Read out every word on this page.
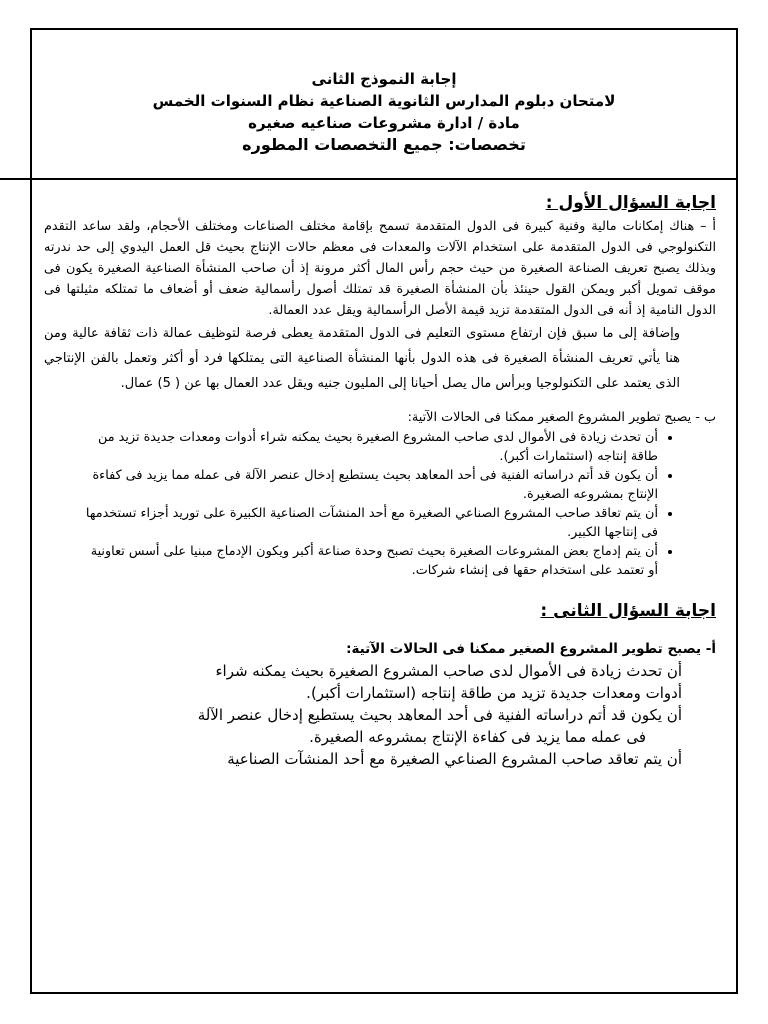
إجابة النموذج الثانى
لامتحان دبلوم المدارس الثانوية الصناعية نظام السنوات الخمس
مادة / ادارة مشروعات صناعيه صغيره
تخصصات: جميع التخصصات المطوره
اجابة السؤال الأول :
أ – هناك إمكانات مالية وفنية كبيرة فى الدول المتقدمة تسمح بإقامة مختلف الصناعات ومختلف الأحجام، ولقد ساعد التقدم التكنولوجي فى الدول المتقدمة على استخدام الآلات والمعدات فى معظم حالات الإنتاج بحيث قل العمل اليدوي إلى حد ندرته وبذلك يصبح تعريف الصناعة الصغيرة من حيث حجم رأس المال أكثر مرونة إذ أن صاحب المنشأة الصناعية الصغيرة يكون فى موقف تمويل أكبر ويمكن القول حينئذ بأن المنشأة الصغيرة قد تمتلك أصول رأسمالية ضعف أو أضعاف ما تمتلكه مثيلتها فى الدول النامية إذ أنه فى الدول المتقدمة تزيد قيمة الأصل الرأسمالية ويقل عدد العمالة.
وإضافة إلى ما سبق فإن ارتفاع مستوى التعليم فى الدول المتقدمة يعطى فرصة لتوظيف عمالة ذات ثقافة عالية ومن هنا يأتي تعريف المنشأة الصغيرة فى هذه الدول بأنها المنشأة الصناعية التى يمتلكها فرد أو أكثر وتعمل بالفن الإنتاجي الذى يعتمد على التكنولوجيا وبرأس مال يصل أحيانا إلى المليون جنيه ويقل عدد العمال بها عن ( 5) عمال.
ب - يصبح تطوير المشروع الصغير ممكنا فى الحالات الآتية:
• أن تحدث زيادة فى الأموال لدى صاحب المشروع الصغيرة بحيث يمكنه شراء أدوات ومعدات جديدة تزيد من طاقة إنتاجه (استثمارات أكبر).
• أن يكون قد أتم دراساته الفنية فى أحد المعاهد بحيث يستطيع إدخال عنصر الآلة فى عمله مما يزيد فى كفاءة الإنتاج بمشروعه الصغيرة.
• أن يتم تعاقد صاحب المشروع الصناعي الصغيرة مع أحد المنشآت الصناعية الكبيرة على توريد أجزاء تستخدمها فى إنتاجها الكبير.
• أن يتم إدماج بعض المشروعات الصغيرة بحيث تصبح وحدة صناعة أكبر ويكون الإدماج مبنيا على أسس تعاونية أو تعتمد على استخدام حقها فى إنشاء شركات.
اجابة السؤال الثانى :
أ- يصبح تطوير المشروع الصغير ممكنا فى الحالات الآتية:
أن تحدث زيادة فى الأموال لدى صاحب المشروع الصغيرة بحيث يمكنه شراء
أدوات ومعدات جديدة تزيد من طاقة إنتاجه (استثمارات أكبر).
أن يكون قد أتم دراساته الفنية فى أحد المعاهد بحيث يستطيع إدخال عنصر الآلة
فى عمله مما يزيد فى كفاءة الإنتاج بمشروعه الصغيرة.
أن يتم تعاقد صاحب المشروع الصناعي الصغيرة مع أحد المنشآت الصناعية
